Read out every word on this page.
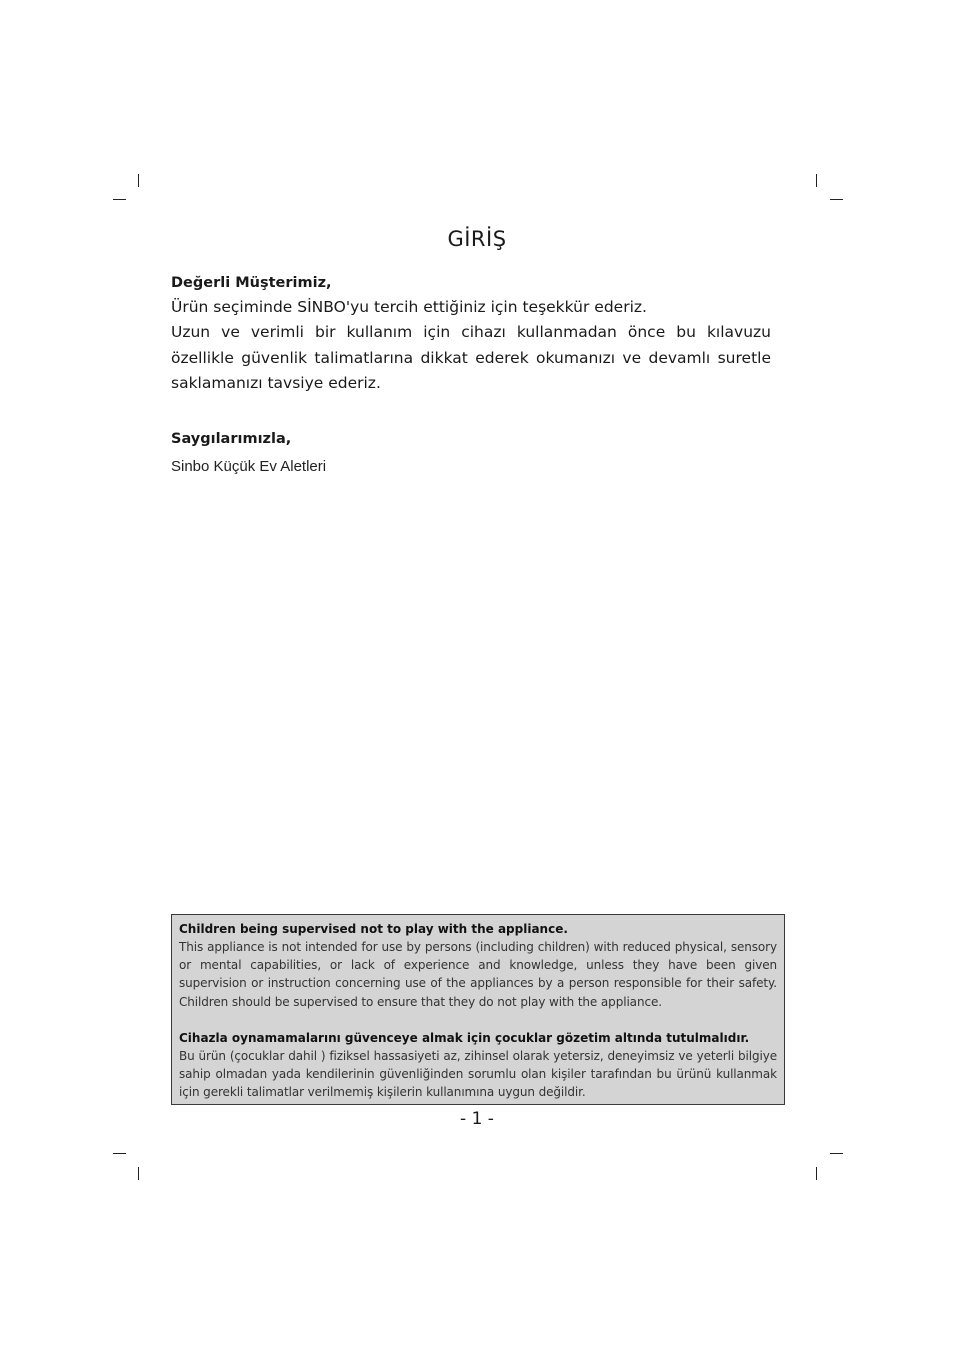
GİRİŞ

Değerli Müşterimiz,

Ürün seçiminde SİNBO'yu tercih ettiğiniz için teşekkür ederiz.

Uzun ve verimli bir kullanım için cihazı kullanmadan önce bu kılavuzu özellikle güvenlik talimatlarına dikkat ederek okumanızı ve devamlı suretle saklamanızı tavsiye ederiz.

Saygılarımızla,

Sinbo Küçük Ev Aletleri

Children being supervised not to play with the appliance.

This appliance is not intended for use by persons (including children) with reduced physical, sensory or mental capabilities, or lack of experience and knowledge, unless they have been given supervision or instruction concerning use of the appliances by a person responsible for their safety. Children should be supervised to ensure that they do not play with the appliance.

Cihazla oynamamalarını güvenceye almak için çocuklar gözetim altında tutulmalıdır.

Bu ürün (çocuklar dahil ) fiziksel hassasiyeti az, zihinsel olarak yetersiz, deneyimsiz ve yeterli bilgiye sahip olmadan yada kendilerinin güvenliğinden sorumlu olan kişiler tarafından bu ürünü kullanmak için gerekli talimatlar verilmemiş kişilerin kullanımına uygun değildir.

- 1 -
